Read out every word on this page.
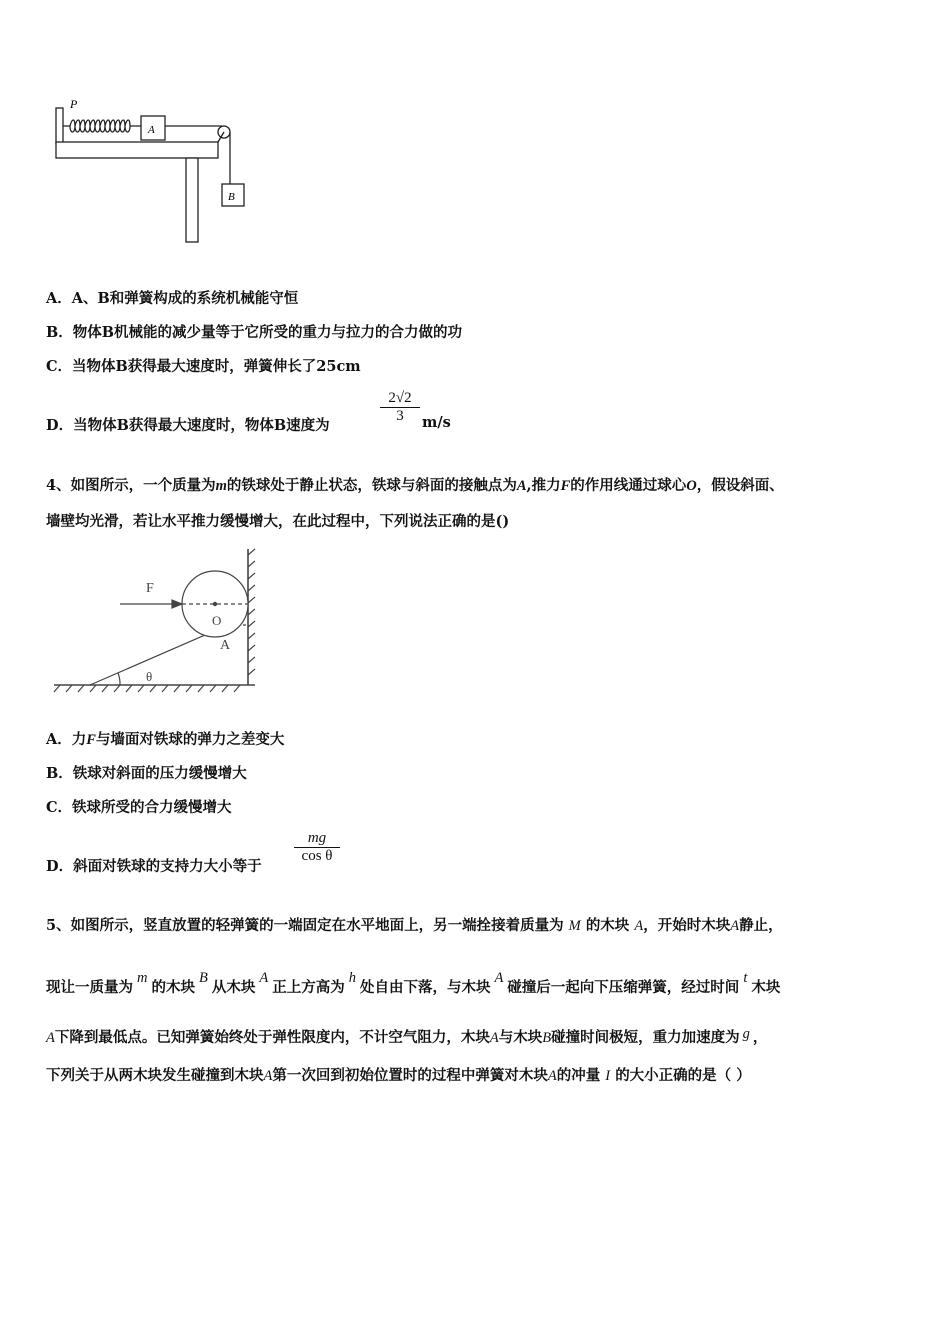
P
A
B
A．A、B和弹簧构成的系统机械能守恒
B．物体B机械能的减少量等于它所受的重力与拉力的合力做的功
C．当物体B获得最大速度时，弹簧伸长了25cm
D．当物体B获得最大速度时，物体B速度为
2√2
3	m/s
4、如图所示，一个质量为m的铁球处于静止状态，铁球与斜面的接触点为A,推力F的作用线通过球心O，假设斜面、
墙壁均光滑，若让水平推力缓慢增大，在此过程中，下列说法正确的是()
F
O
A
θ
A．力F与墙面对铁球的弹力之差变大
B．铁球对斜面的压力缓慢增大
C．铁球所受的合力缓慢增大
D．斜面对铁球的支持力大小等于
mg
cos θ
5、如图所示，竖直放置的轻弹簧的一端固定在水平地面上，另一端拴接着质量为 M 的木块 A，开始时木块A静止，
现让一质量为m的木块B从木块A正上方高为h处自由下落，与木块A碰撞后一起向下压缩弹簧，经过时间t木块
A下降到最低点。已知弹簧始终处于弹性限度内，不计空气阻力，木块A与木块B碰撞时间极短，重力加速度为 g ，
下列关于从两木块发生碰撞到木块A第一次回到初始位置时的过程中弹簧对木块A的冲量 I 的大小正确的是（ ）
